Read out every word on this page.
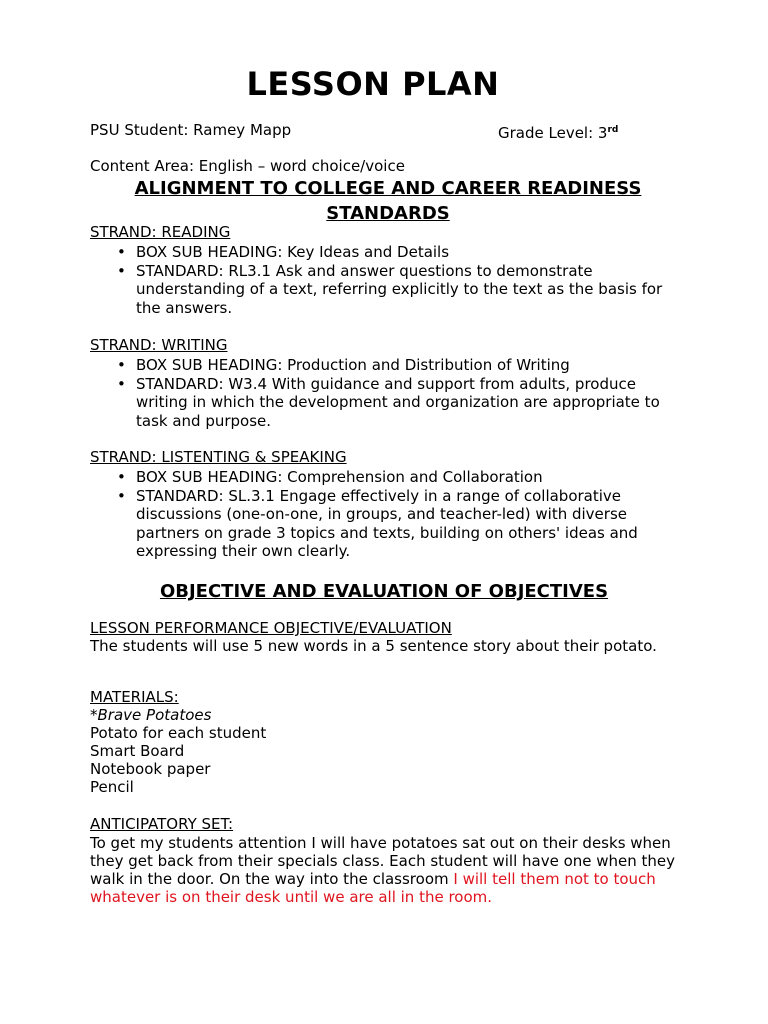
LESSON PLAN
PSU Student: Ramey Mapp	Grade Level: 3rd
Content Area: English – word choice/voice
ALIGNMENT TO COLLEGE AND CAREER READINESS STANDARDS
STRAND: READING
• BOX SUB HEADING: Key Ideas and Details
• STANDARD: RL3.1 Ask and answer questions to demonstrate understanding of a text, referring explicitly to the text as the basis for the answers.
STRAND: WRITING
• BOX SUB HEADING: Production and Distribution of Writing
• STANDARD: W3.4 With guidance and support from adults, produce writing in which the development and organization are appropriate to task and purpose.
STRAND: LISTENTING & SPEAKING
• BOX SUB HEADING: Comprehension and Collaboration
• STANDARD: SL.3.1 Engage effectively in a range of collaborative discussions (one-on-one, in groups, and teacher-led) with diverse partners on grade 3 topics and texts, building on others' ideas and expressing their own clearly.
OBJECTIVE AND EVALUATION OF OBJECTIVES
LESSON PERFORMANCE OBJECTIVE/EVALUATION
The students will use 5 new words in a 5 sentence story about their potato.
MATERIALS:
*Brave Potatoes
Potato for each student
Smart Board
Notebook paper
Pencil
ANTICIPATORY SET:
To get my students attention I will have potatoes sat out on their desks when they get back from their specials class. Each student will have one when they walk in the door. On the way into the classroom I will tell them not to touch whatever is on their desk until we are all in the room.
